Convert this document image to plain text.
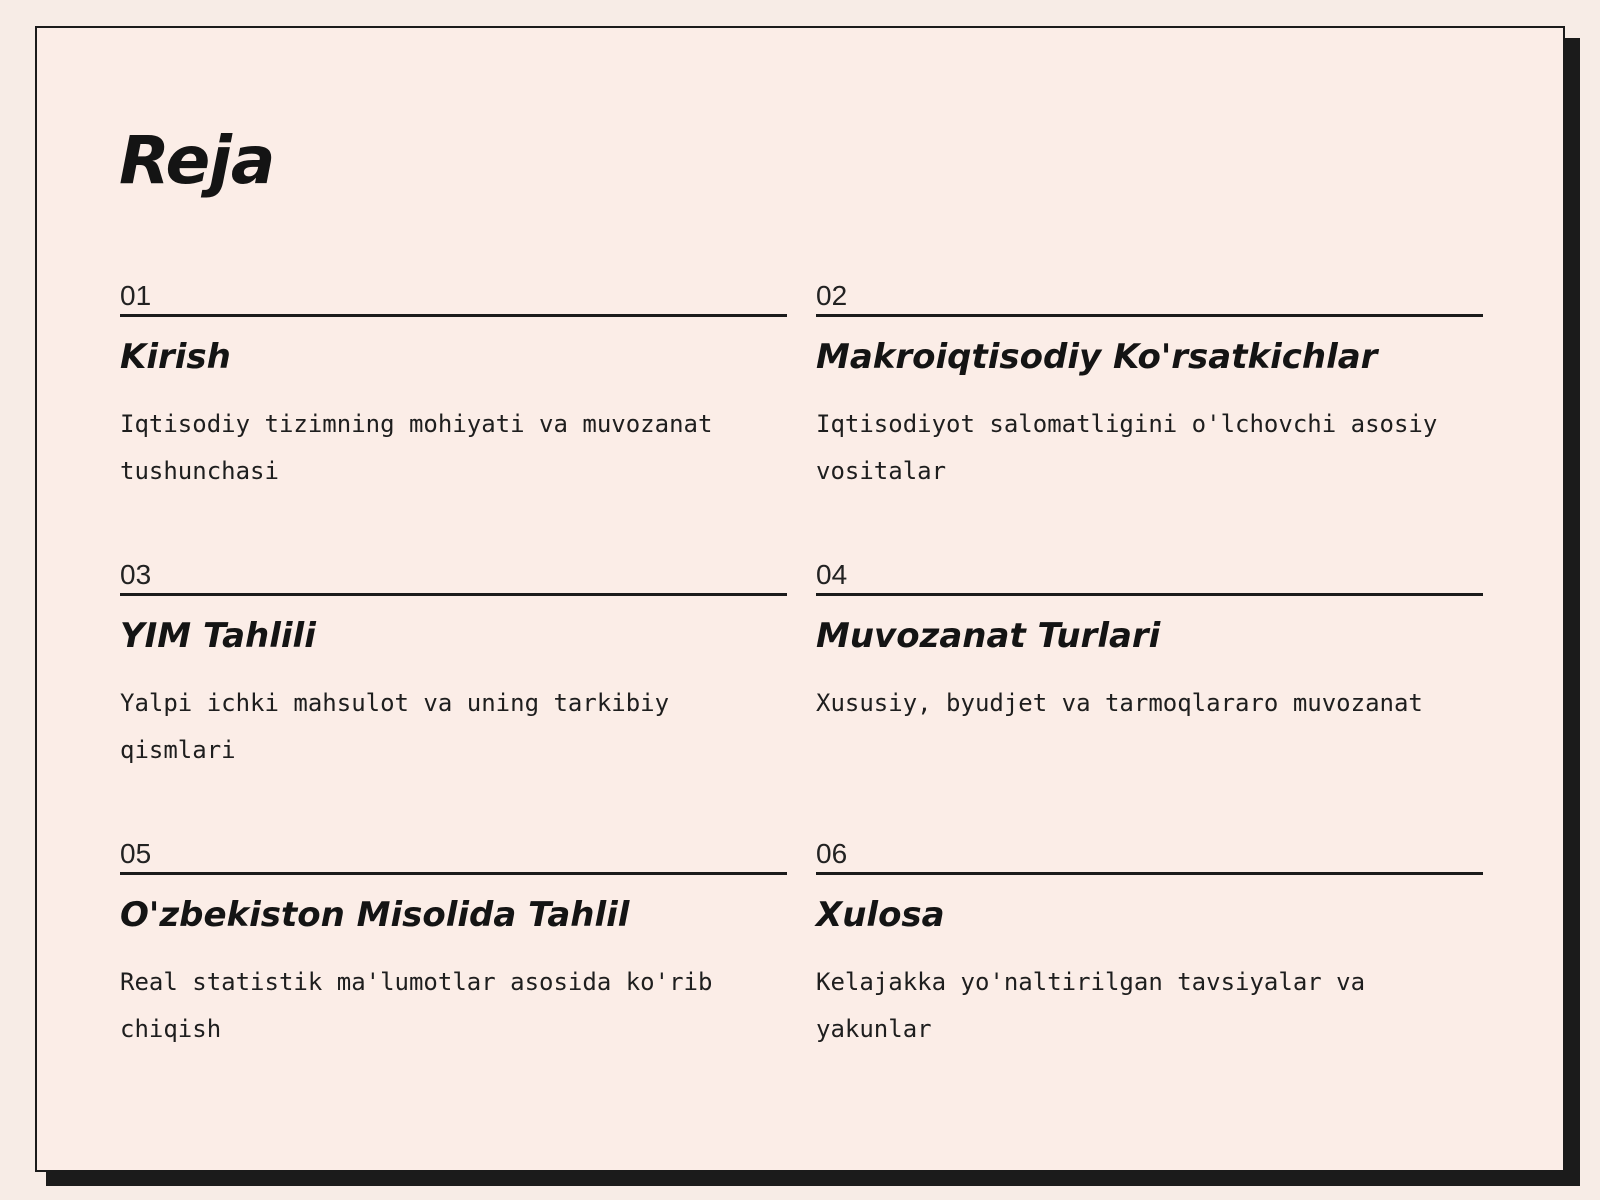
Reja
01
Kirish
Iqtisodiy tizimning mohiyati va muvozanat tushunchasi
02
Makroiqtisodiy Ko'rsatkichlar
Iqtisodiyot salomatligini o'lchovchi asosiy vositalar
03
YIM Tahlili
Yalpi ichki mahsulot va uning tarkibiy qismlari
04
Muvozanat Turlari
Xususiy, byudjet va tarmoqlararo muvozanat
05
O'zbekiston Misolida Tahlil
Real statistik ma'lumotlar asosida ko'rib chiqish
06
Xulosa
Kelajakka yo'naltirilgan tavsiyalar va yakunlar
